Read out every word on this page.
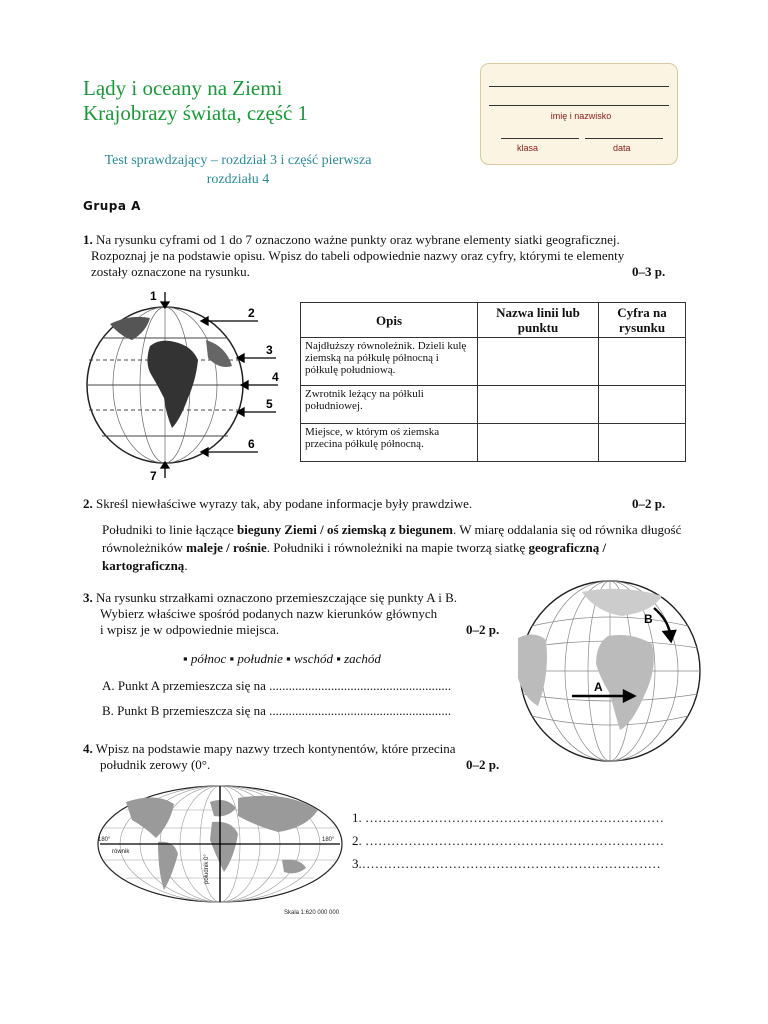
Lądy i oceany na Ziemi
Krajobrazy świata, część 1
Test sprawdzający – rozdział 3 i część pierwsza
rozdziału 4
imię i nazwisko
klasa	data
Grupa A
1. Na rysunku cyframi od 1 do 7 oznaczono ważne punkty oraz wybrane elementy siatki geograficznej.
Rozpoznaj je na podstawie opisu. Wpisz do tabeli odpowiednie nazwy oraz cyfry, którymi te elementy
zostały oznaczone na rysunku.	0–3 p.
1
2
3
4
5
6
7
Opis	Nazwa linii lub punktu	Cyfra na rysunku
Najdłuższy równoleżnik. Dzieli kulę ziemską na półkulę północną i półkulę południową.		
Zwrotnik leżący na półkuli południowej.		
Miejsce, w którym oś ziemska przecina półkulę północną.		
2. Skreśl niewłaściwe wyrazy tak, aby podane informacje były prawdziwe.	0–2 p.
Południki to linie łączące bieguny Ziemi / oś ziemską z biegunem. W miarę oddalania się od równika długość równoleżników maleje / rośnie. Południki i równoleżniki na mapie tworzą siatkę geograficzną / kartograficzną.
3. Na rysunku strzałkami oznaczono przemieszczające się punkty A i B.
Wybierz właściwe spośród podanych nazw kierunków głównych
i wpisz je w odpowiednie miejsca.	0–2 p.
▪ północ ▪ południe ▪ wschód ▪ zachód
A. Punkt A przemieszcza się na ........................................................
B. Punkt B przemieszcza się na ........................................................
A
B
4. Wpisz na podstawie mapy nazwy trzech kontynentów, które przecina
południk zerowy (0°.	0–2 p.
180°	180°
równik
południk 0°
Skala 1:620 000 000
1. ……………………………………………………………
2. ……………………………………………………………
3.……………………………………………………………
